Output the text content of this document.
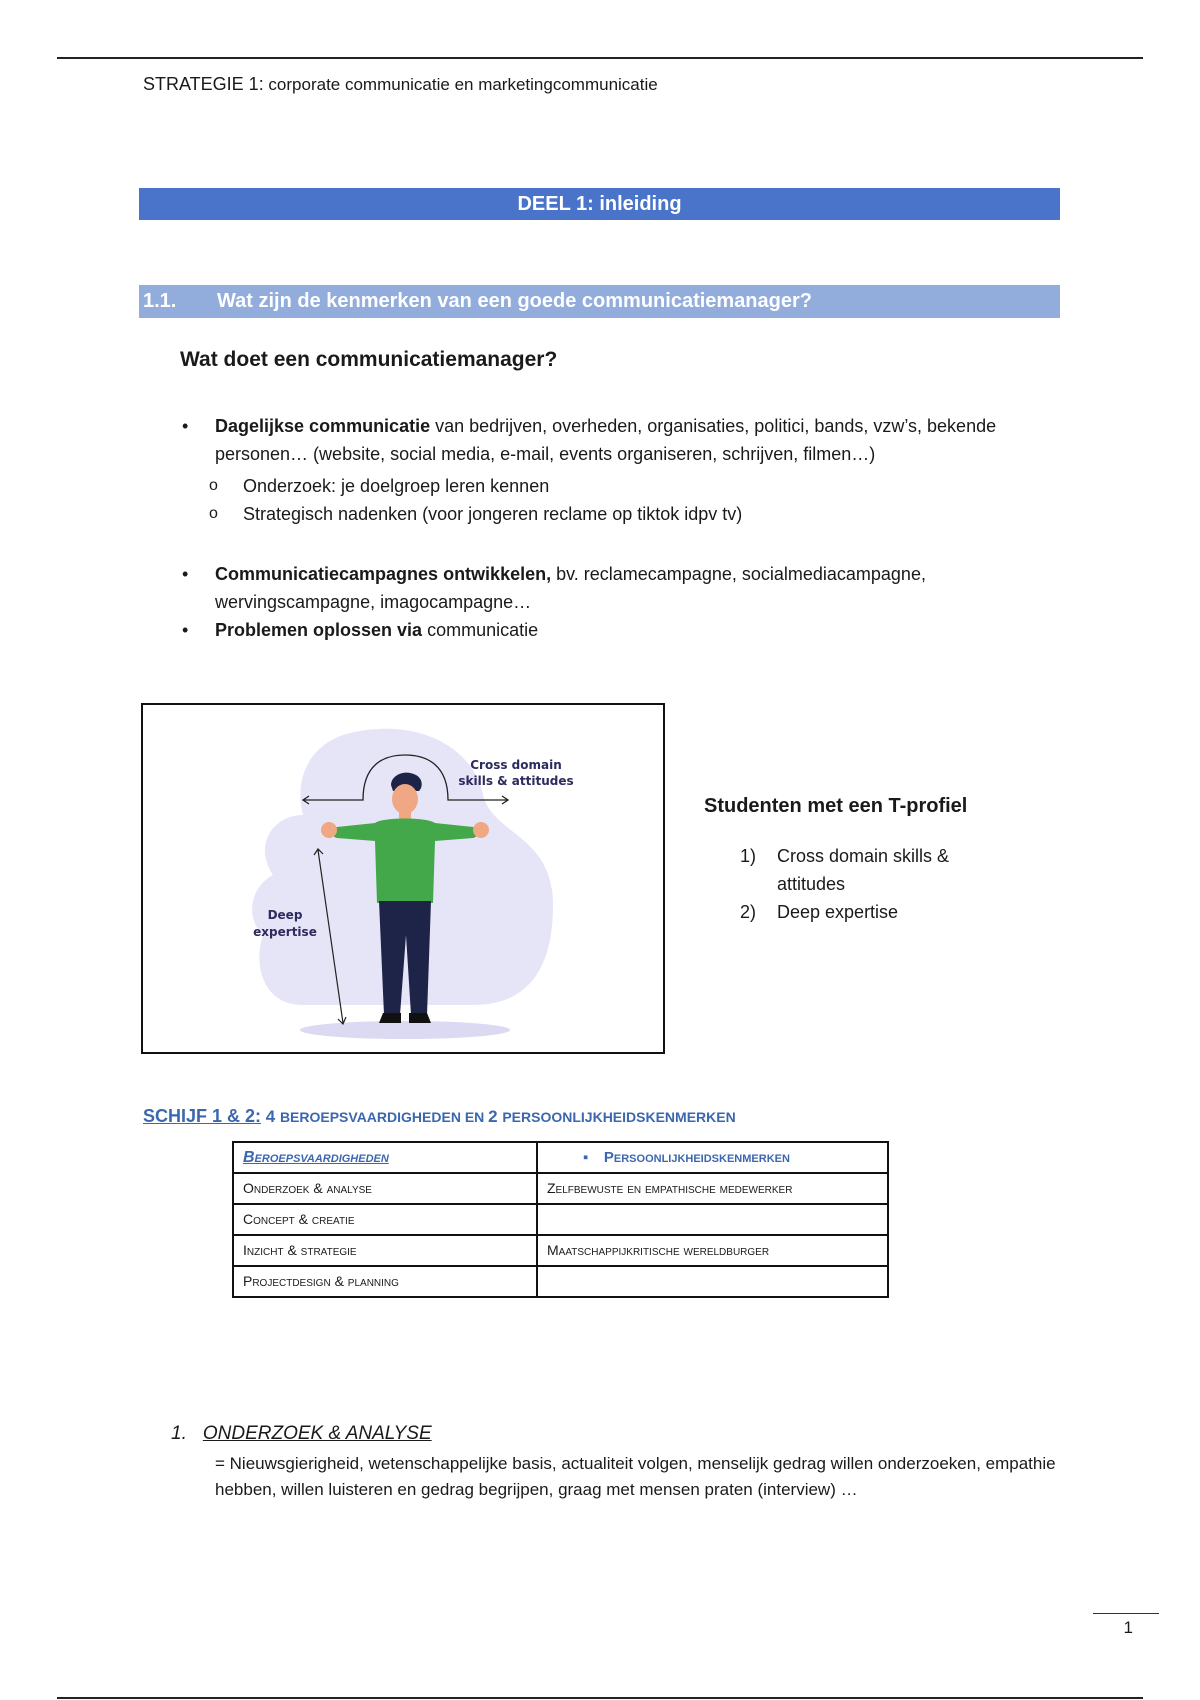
STRATEGIE 1: corporate communicatie en marketingcommunicatie
DEEL 1: inleiding
1.1. Wat zijn de kenmerken van een goede communicatiemanager?
Wat doet een communicatiemanager?
• Dagelijkse communicatie van bedrijven, overheden, organisaties, politici, bands, vzw’s, bekende personen… (website, social media, e-mail, events organiseren, schrijven, filmen…)
o Onderzoek: je doelgroep leren kennen
o Strategisch nadenken (voor jongeren reclame op tiktok idpv tv)
• Communicatiecampagnes ontwikkelen, bv. reclamecampagne, socialmediacampagne, wervingscampagne, imagocampagne…
• Problemen oplossen via communicatie
Cross domain
skills & attitudes
Deep
expertise
Studenten met een T-profiel
1) Cross domain skills & attitudes
2) Deep expertise
SCHIJF 1 & 2: 4 BEROEPSVAARDIGHEDEN EN 2 PERSOONLIJKHEIDSKENMERKEN
Beroepsvaardigheden	▪ Persoonlijkheidskenmerken
Onderzoek & analyse	Zelfbewuste en empathische medewerker
Concept & creatie	
Inzicht & strategie	Maatschappijkritische wereldburger
Projectdesign & planning	
1. ONDERZOEK & ANALYSE
= Nieuwsgierigheid, wetenschappelijke basis, actualiteit volgen, menselijk gedrag willen onderzoeken, empathie hebben, willen luisteren en gedrag begrijpen, graag met mensen praten (interview) …
1
